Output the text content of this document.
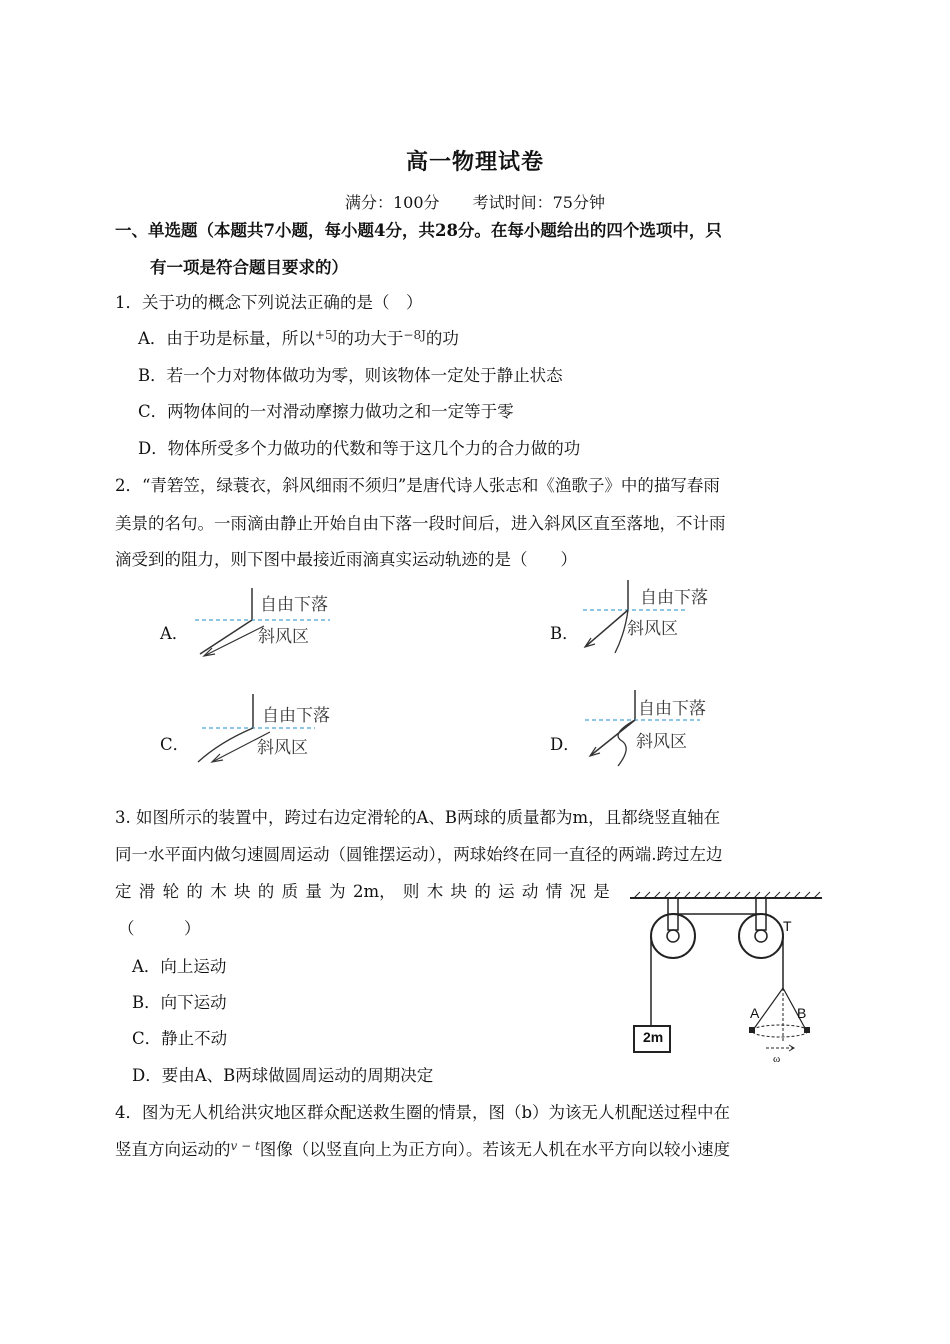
高一物理试卷
满分：100分 考试时间：75分钟
一、单选题（本题共7小题，每小题4分，共28分。在每小题给出的四个选项中，只
有一项是符合题目要求的）
1．关于功的概念下列说法正确的是（　）
A．由于功是标量，所以$^{+5J}$的功大于$^{-8J}$的功
B．若一个力对物体做功为零，则该物体一定处于静止状态
C．两物体间的一对滑动摩擦力做功之和一定等于零
D．物体所受多个力做功的代数和等于这几个力的合力做的功
2．“青箬笠，绿蓑衣，斜风细雨不须归”是唐代诗人张志和《渔歌子》中的描写春雨
美景的名句。一雨滴由静止开始自由下落一段时间后，进入斜风区直至落地，不计雨
滴受到的阻力，则下图中最接近雨滴真实运动轨迹的是（　　）
A．
自由下落
斜风区	B．
自由下落
斜风区
C．
自由下落
斜风区	D．
自由下落
斜风区
3. 如图所示的装置中，跨过右边定滑轮的A、B两球的质量都为m，且都绕竖直轴在
同一水平面内做匀速圆周运动（圆锥摆运动），两球始终在同一直径的两端.跨过左边
定 滑 轮 的 木 块 的 质 量 为 2m， 则 木 块 的 运 动 情 况 是
（　　　）
A．向上运动
B．向下运动
C．静止不动
D．要由A、B两球做圆周运动的周期决定
2m
T
A	B
ω
4．图为无人机给洪灾地区群众配送救生圈的情景，图（b）为该无人机配送过程中在
竖直方向运动的$^{v - t}$图像（以竖直向上为正方向）。若该无人机在水平方向以较小速度
